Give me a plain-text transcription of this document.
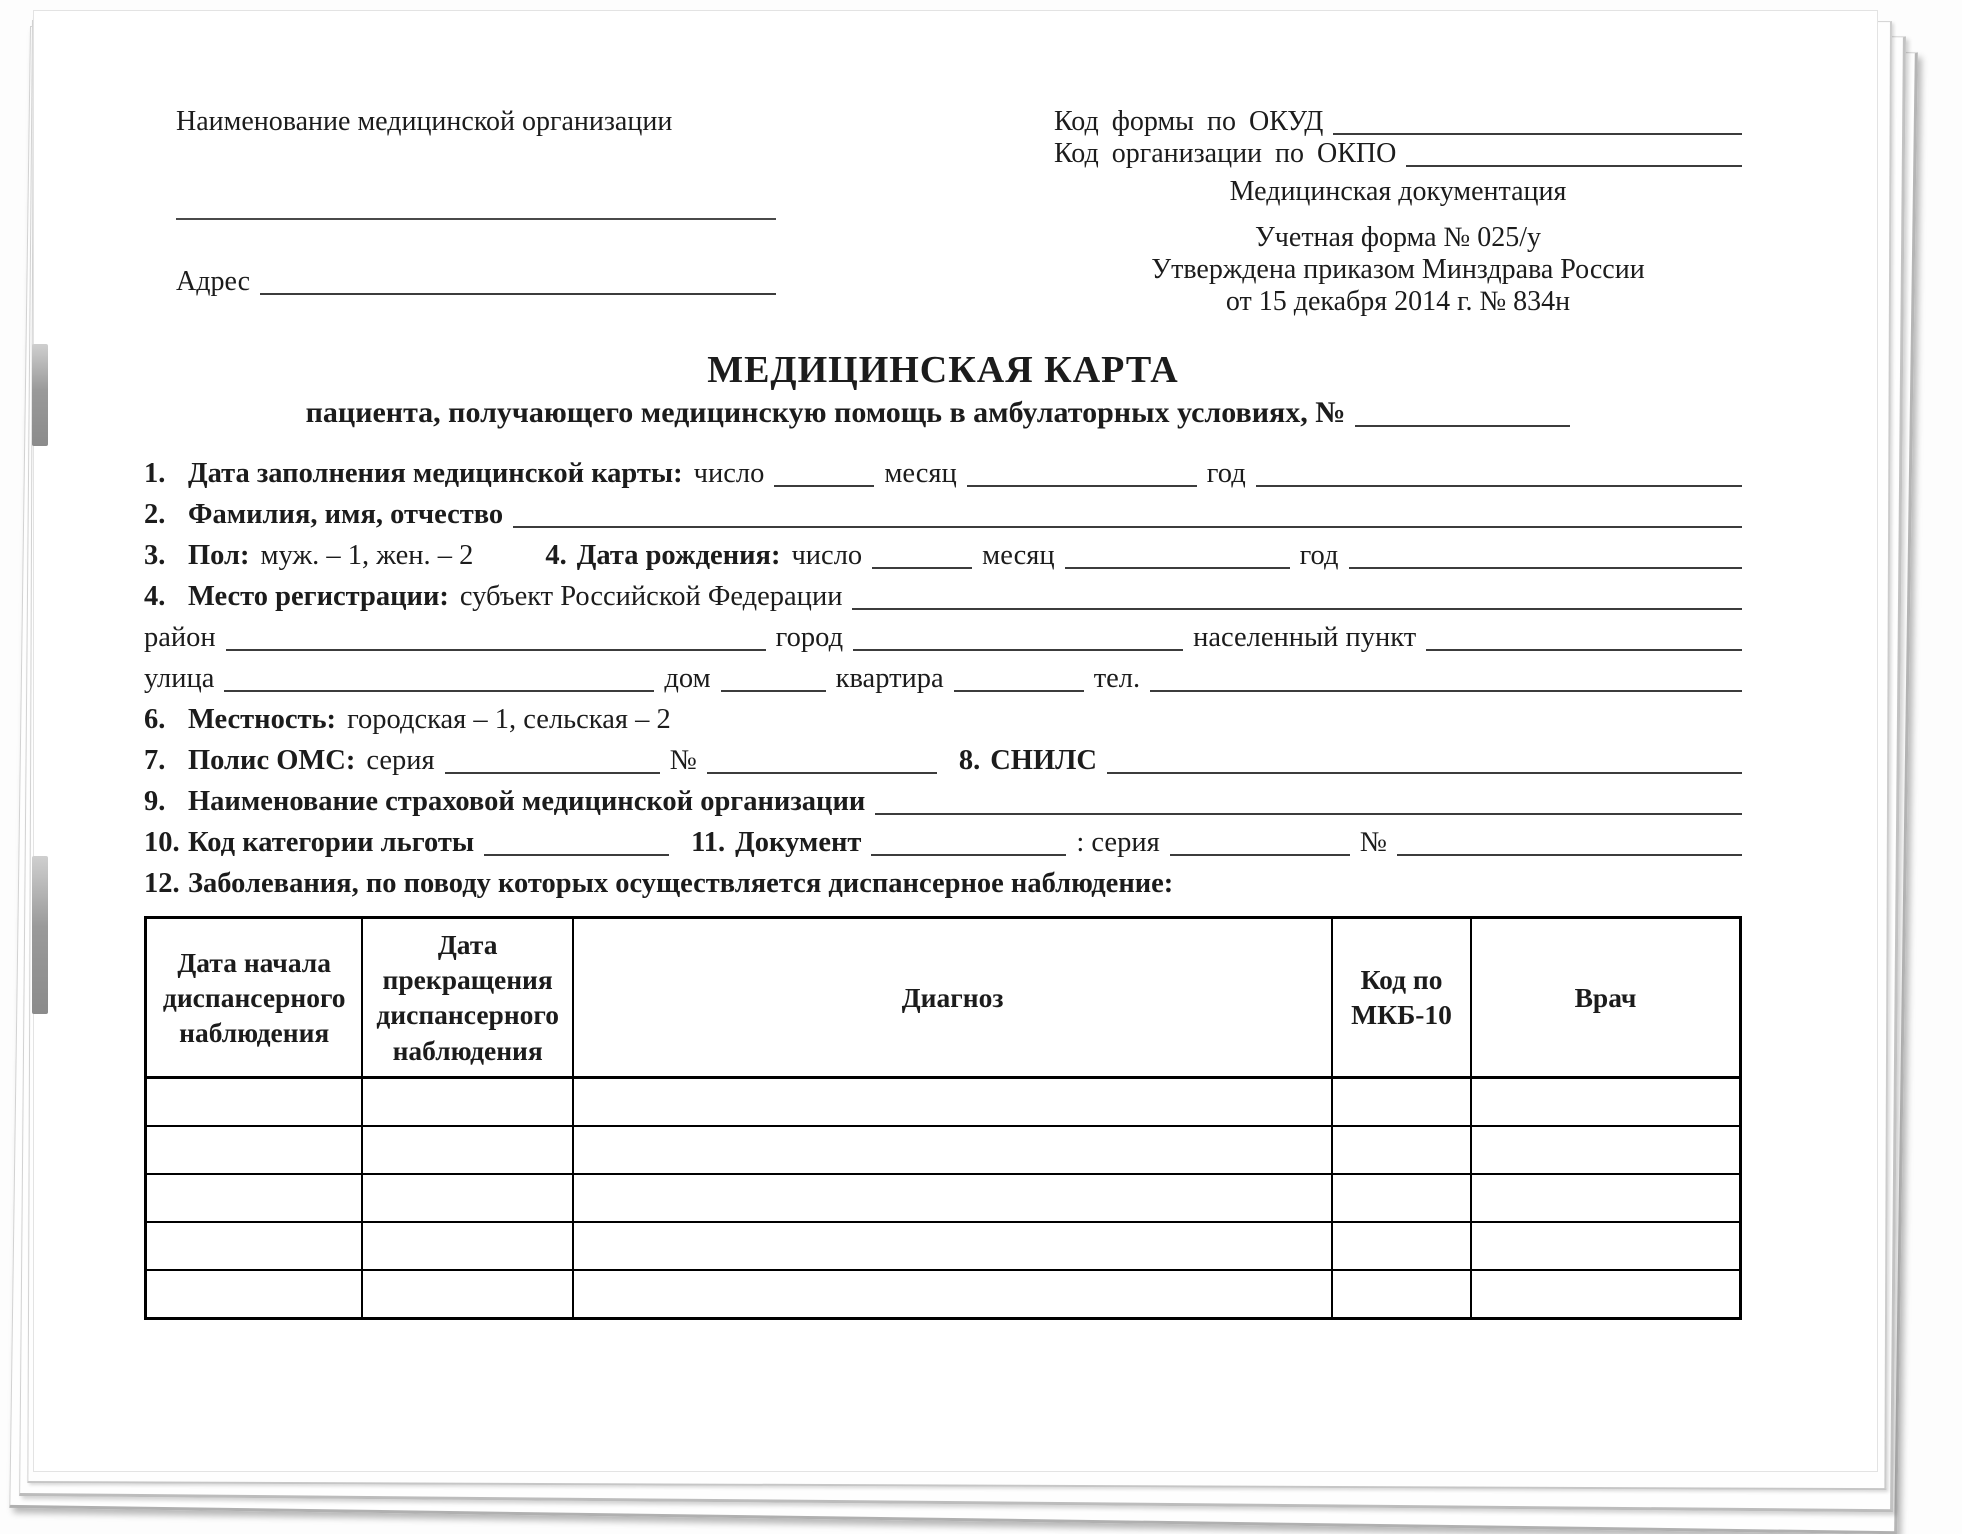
Наименование медицинской организации
Адрес
Код формы по ОКУД
Код организации по ОКПО
Медицинская документация
Учетная форма № 025/у
Утверждена приказом Минздрава России
от 15 декабря 2014 г. № 834н
МЕДИЦИНСКАЯ КАРТА
пациента, получающего медицинскую помощь в амбулаторных условиях, №
1. Дата заполнения медицинской карты: число	месяц	год
2. Фамилия, имя, отчество
3. Пол: муж. – 1, жен. – 2	4. Дата рождения: число	месяц	год
4. Место регистрации: субъект Российской Федерации
район	город	населенный пункт
улица	дом	квартира	тел.
6. Местность: городская – 1, сельская – 2
7. Полис ОМС: серия	№	8. СНИЛС
9. Наименование страховой медицинской организации
10. Код категории льготы	11. Документ	: серия	№
12. Заболевания, по поводу которых осуществляется диспансерное наблюдение:
Дата начала диспансерного наблюдения	Дата прекращения диспансерного наблюдения	Диагноз	Код по МКБ-10	Врач
